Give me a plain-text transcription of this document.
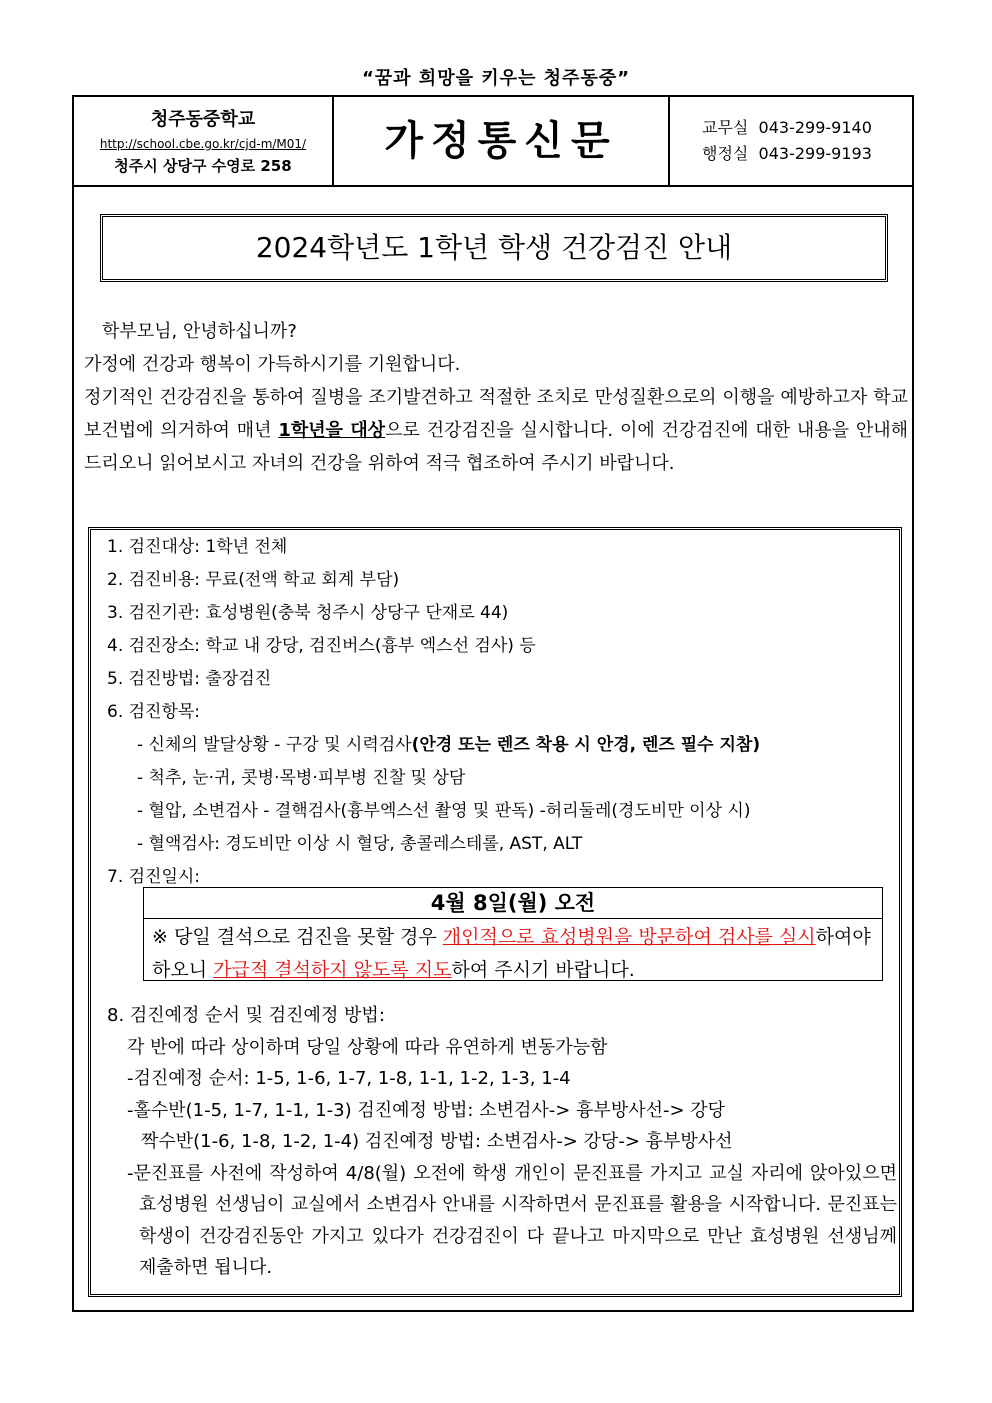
“꿈과 희망을 키우는 청주동중”
청주동중학교
http://school.cbe.go.kr/cjd-m/M01/
청주시 상당구 수영로 258
가정통신문	교무실 043-299-9140
행정실 043-299-9193
2024학년도 1학년 학생 건강검진 안내

학부모님, 안녕하십니까?

가정에 건강과 행복이 가득하시기를 기원합니다.

정기적인 건강검진을 통하여 질병을 조기발견하고 적절한 조치로 만성질환으로의 이행을 예방하고자 학교보건법에 의거하여 매년 1학년을 대상으로 건강검진을 실시합니다. 이에 건강검진에 대한 내용을 안내해 드리오니 읽어보시고 자녀의 건강을 위하여 적극 협조하여 주시기 바랍니다.

1. 검진대상: 1학년 전체
2. 검진비용: 무료(전액 학교 회계 부담)
3. 검진기관: 효성병원(충북 청주시 상당구 단재로 44)
4. 검진장소: 학교 내 강당, 검진버스(흉부 엑스선 검사) 등
5. 검진방법: 출장검진
6. 검진항목:
- 신체의 발달상황 - 구강 및 시력검사(안경 또는 렌즈 착용 시 안경, 렌즈 필수 지참)
- 척추, 눈·귀, 콧병·목병·피부병 진찰 및 상담
- 혈압, 소변검사 - 결핵검사(흉부엑스선 촬영 및 판독) -허리둘레(경도비만 이상 시)
- 혈액검사: 경도비만 이상 시 혈당, 총콜레스테롤, AST, ALT
7. 검진일시:
4월 8일(월) 오전
※ 당일 결석으로 검진을 못할 경우 개인적으로 효성병원을 방문하여 검사를 실시하여야 하오니 가급적 결석하지 않도록 지도하여 주시기 바랍니다.

8. 검진예정 순서 및 검진예정 방법:

각 반에 따라 상이하며 당일 상황에 따라 유연하게 변동가능함

-검진예정 순서: 1-5, 1-6, 1-7, 1-8, 1-1, 1-2, 1-3, 1-4

-홀수반(1-5, 1-7, 1-1, 1-3) 검진예정 방법: 소변검사-> 흉부방사선-> 강당

짝수반(1-6, 1-8, 1-2, 1-4) 검진예정 방법: 소변검사-> 강당-> 흉부방사선

-문진표를 사전에 작성하여 4/8(월) 오전에 학생 개인이 문진표를 가지고 교실 자리에 앉아있으면 효성병원 선생님이 교실에서 소변검사 안내를 시작하면서 문진표를 활용을 시작합니다. 문진표는 학생이 건강검진동안 가지고 있다가 건강검진이 다 끝나고 마지막으로 만난 효성병원 선생님께 제출하면 됩니다.
